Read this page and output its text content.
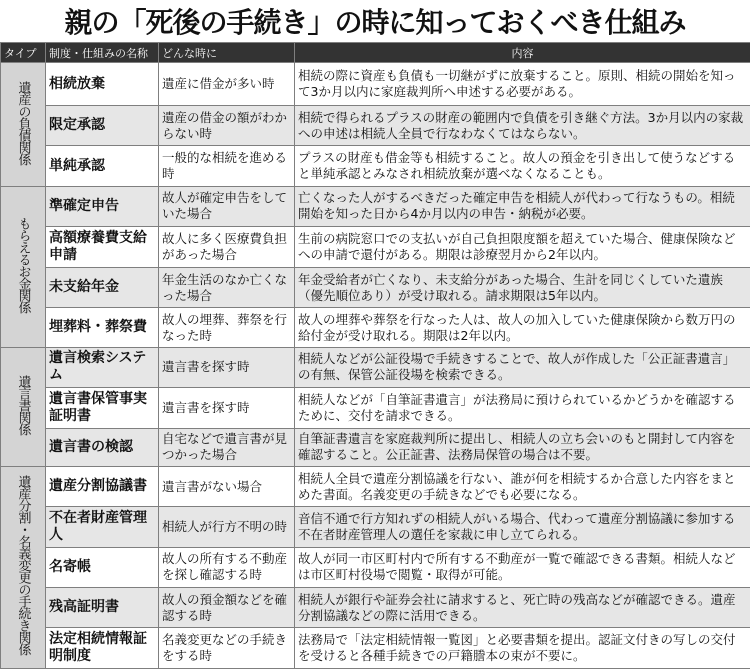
親の「死後の手続き」の時に知っておくべき仕組み
タイプ	制度・仕組みの名称	どんな時に	内容
遺産の負債関係	相続放棄	遺産に借金が多い時	相続の際に資産も負債も一切継がずに放棄すること。原則、相続の開始を知って3か月以内に家庭裁判所へ申述する必要がある。
	限定承認	遺産の借金の額がわからない時	相続で得られるプラスの財産の範囲内で負債を引き継ぐ方法。3か月以内の家裁への申述は相続人全員で行なわなくてはならない。
	単純承認	一般的な相続を進める時	プラスの財産も借金等も相続すること。故人の預金を引き出して使うなどすると単純承認とみなされ相続放棄が選べなくなることも。
もらえるお金関係	準確定申告	故人が確定申告をしていた場合	亡くなった人がするべきだった確定申告を相続人が代わって行なうもの。相続開始を知った日から4か月以内の申告・納税が必要。
	高額療養費支給申請	故人に多く医療費負担があった場合	生前の病院窓口での支払いが自己負担限度額を超えていた場合、健康保険などへの申請で還付がある。期限は診療翌月から2年以内。
	未支給年金	年金生活のなか亡くなった場合	年金受給者が亡くなり、未支給分があった場合、生計を同じくしていた遺族（優先順位あり）が受け取れる。請求期限は5年以内。
	埋葬料・葬祭費	故人の埋葬、葬祭を行なった時	故人の埋葬や葬祭を行なった人は、故人の加入していた健康保険から数万円の給付金が受け取れる。期限は2年以内。
遺言書関係	遺言検索システム	遺言書を探す時	相続人などが公証役場で手続きすることで、故人が作成した「公正証書遺言」の有無、保管公証役場を検索できる。
	遺言書保管事実証明書	遺言書を探す時	相続人などが「自筆証書遺言」が法務局に預けられているかどうかを確認するために、交付を請求できる。
	遺言書の検認	自宅などで遺言書が見つかった場合	自筆証書遺言を家庭裁判所に提出し、相続人の立ち会いのもと開封して内容を確認すること。公正証書、法務局保管の場合は不要。
遺産分割・名義変更の手続き関係	遺産分割協議書	遺言書がない場合	相続人全員で遺産分割協議を行ない、誰が何を相続するか合意した内容をまとめた書面。名義変更の手続きなどでも必要になる。
	不在者財産管理人	相続人が行方不明の時	音信不通で行方知れずの相続人がいる場合、代わって遺産分割協議に参加する不在者財産管理人の選任を家裁に申し立てられる。
	名寄帳	故人の所有する不動産を探し確認する時	故人が同一市区町村内で所有する不動産が一覧で確認できる書類。相続人などは市区町村役場で閲覧・取得が可能。
	残高証明書	故人の預金額などを確認する時	相続人が銀行や証券会社に請求すると、死亡時の残高などが確認できる。遺産分割協議などの際に活用できる。
	法定相続情報証明制度	名義変更などの手続きをする時	法務局で「法定相続情報一覧図」と必要書類を提出。認証文付きの写しの交付を受けると各種手続きでの戸籍謄本の束が不要に。
